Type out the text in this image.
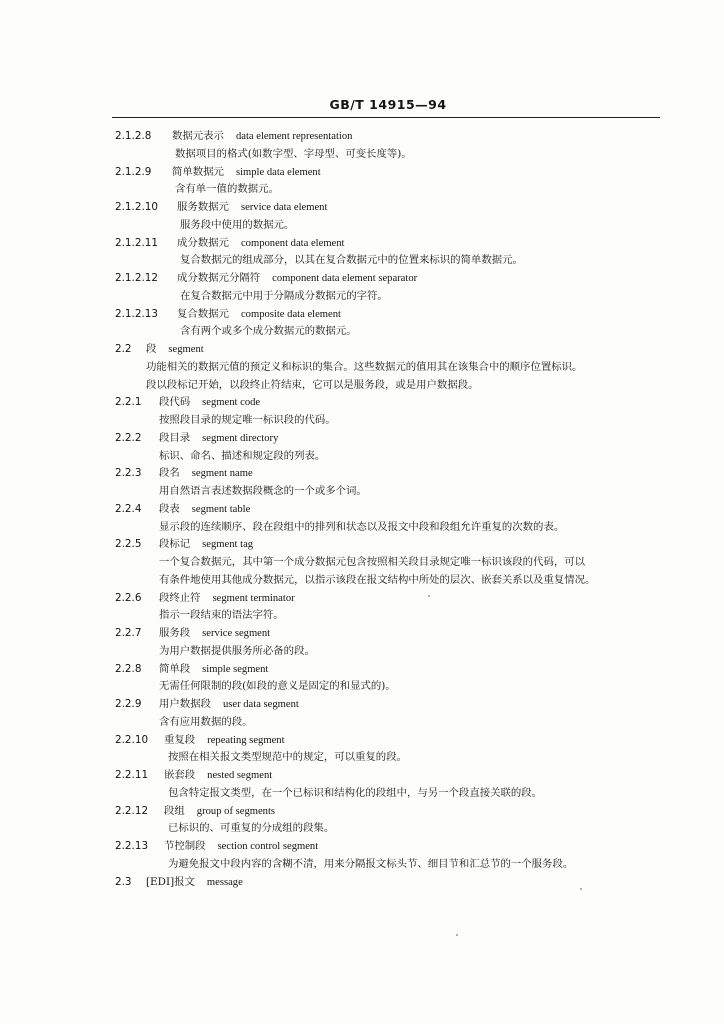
GB/T 14915—94
2.1.2.8 数据元表示 data element representation
数据项目的格式(如数字型、字母型、可变长度等)。
2.1.2.9 简单数据元 simple data element
含有单一值的数据元。
2.1.2.10 服务数据元 service data element
服务段中使用的数据元。
2.1.2.11 成分数据元 component data element
复合数据元的组成部分，以其在复合数据元中的位置来标识的简单数据元。
2.1.2.12 成分数据元分隔符 component data element separator
在复合数据元中用于分隔成分数据元的字符。
2.1.2.13 复合数据元 composite data element
含有两个或多个成分数据元的数据元。
2.2 段 segment
功能相关的数据元值的预定义和标识的集合。这些数据元的值用其在该集合中的顺序位置标识。
段以段标记开始，以段终止符结束，它可以是服务段，或是用户数据段。
2.2.1 段代码 segment code
按照段目录的规定唯一标识段的代码。
2.2.2 段目录 segment directory
标识、命名、描述和规定段的列表。
2.2.3 段名 segment name
用自然语言表述数据段概念的一个或多个词。
2.2.4 段表 segment table
显示段的连续顺序、段在段组中的排列和状态以及报文中段和段组允许重复的次数的表。
2.2.5 段标记 segment tag
一个复合数据元，其中第一个成分数据元包含按照相关段目录规定唯一标识该段的代码，可以
有条件地使用其他成分数据元，以指示该段在报文结构中所处的层次、嵌套关系以及重复情况。
2.2.6 段终止符 segment terminator
指示一段结束的语法字符。
2.2.7 服务段 service segment
为用户数据提供服务所必备的段。
2.2.8 简单段 simple segment
无需任何限制的段(如段的意义是固定的和显式的)。
2.2.9 用户数据段 user data segment
含有应用数据的段。
2.2.10 重复段 repeating segment
按照在相关报文类型规范中的规定，可以重复的段。
2.2.11 嵌套段 nested segment
包含特定报文类型，在一个已标识和结构化的段组中，与另一个段直接关联的段。
2.2.12 段组 group of segments
已标识的、可重复的分成组的段集。
2.2.13 节控制段 section control segment
为避免报文中段内容的含糊不清，用来分隔报文标头节、细目节和汇总节的一个服务段。
2.3 [EDI]报文 message
